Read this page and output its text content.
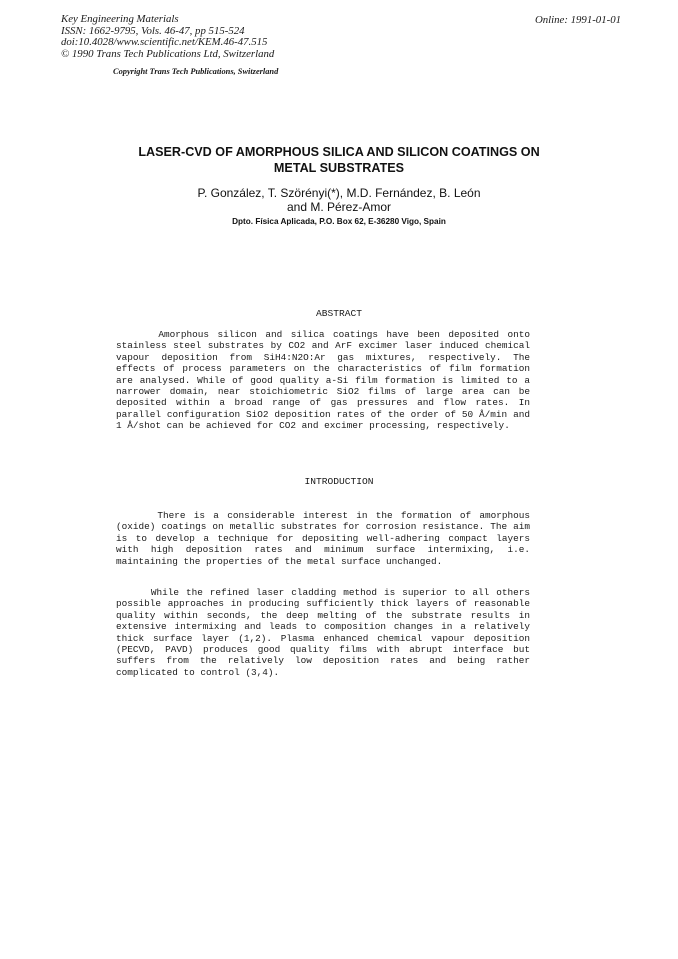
Key Engineering Materials
ISSN: 1662-9795, Vols. 46-47, pp 515-524
doi:10.4028/www.scientific.net/KEM.46-47.515
© 1990 Trans Tech Publications Ltd, Switzerland
Online: 1991-01-01
Copyright Trans Tech Publications, Switzerland
LASER-CVD OF AMORPHOUS SILICA AND SILICON COATINGS ON
METAL SUBSTRATES
P. González, T. Szörényi(*), M.D. Fernández, B. León
and M. Pérez-Amor
Dpto. Física Aplicada, P.O. Box 62, E-36280 Vigo, Spain
ABSTRACT

Amorphous silicon and silica coatings have been deposited onto stainless steel substrates by CO2 and ArF excimer laser induced chemical vapour deposition from SiH4:N2O:Ar gas mixtures, respectively. The effects of process parameters on the characteristics of film formation are analysed. While of good quality a-Si film formation is limited to a narrower domain, near stoichiometric SiO2 films of large area can be deposited within a broad range of gas pressures and flow rates. In parallel configuration SiO2 deposition rates of the order of 50 Å/min and 1 Å/shot can be achieved for CO2 and excimer processing, respectively.

INTRODUCTION

There is a considerable interest in the formation of amorphous (oxide) coatings on metallic substrates for corrosion resistance. The aim is to develop a technique for depositing well-adhering compact layers with high deposition rates and minimum surface intermixing, i.e. maintaining the properties of the metal surface unchanged.

While the refined laser cladding method is superior to all others possible approaches in producing sufficiently thick layers of reasonable quality within seconds, the deep melting of the substrate results in extensive intermixing and leads to composition changes in a relatively thick surface layer (1,2). Plasma enhanced chemical vapour deposition (PECVD, PAVD) produces good quality films with abrupt interface but suffers from the relatively low deposition rates and being rather complicated to control (3,4).
